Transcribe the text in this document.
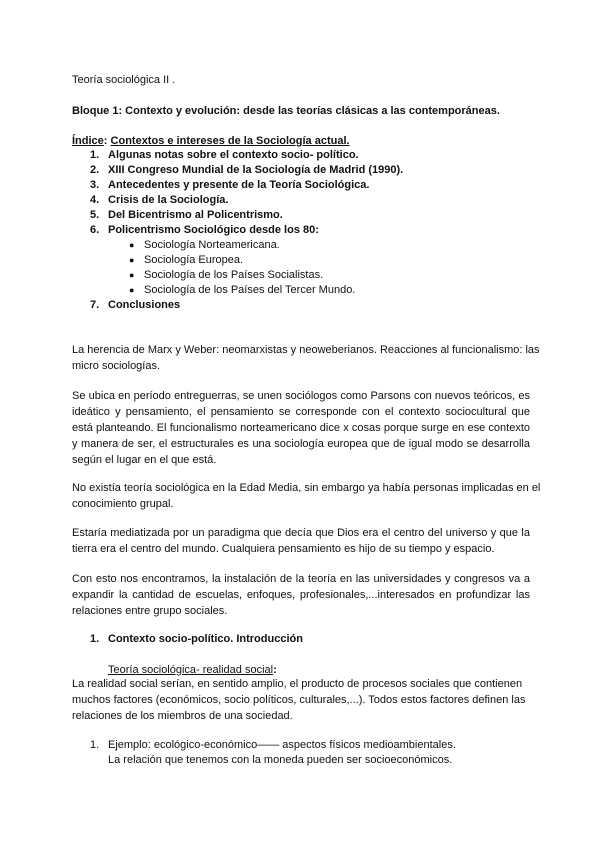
Teoría sociológica II .

Bloque 1: Contexto y evolución: desde las teorías clásicas a las contemporáneas.

Índice: Contextos e intereses de la Sociología actual.

1. Algunas notas sobre el contexto socio- político.
2. XIII Congreso Mundial de la Sociología de Madrid (1990).
3. Antecedentes y presente de la Teoría Sociológica.
4. Crisis de la Sociología.
5. Del Bicentrismo al Policentrismo.
6. Policentrismo Sociológico desde los 80:
● Sociología Norteamericana.
● Sociología Europea.
● Sociología de los Países Socialistas.
● Sociología de los Países del Tercer Mundo.
7. Conclusiones

La herencia de Marx y Weber: neomarxistas y neoweberianos. Reacciones al funcionalismo: las micro sociologías.

Se ubica en período entreguerras, se unen sociólogos como Parsons con nuevos teóricos, es ideático y pensamiento, el pensamiento se corresponde con el contexto sociocultural que está planteando. El funcionalismo norteamericano dice x cosas porque surge en ese contexto y manera de ser, el estructurales es una sociología europea que de igual modo se desarrolla según el lugar en el que está.

No existía teoría sociológica en la Edad Media, sin embargo ya había personas implicadas en el conocimiento grupal.

Estaría mediatizada por un paradigma que decía que Dios era el centro del universo y que la tierra era el centro del mundo. Cualquiera pensamiento es hijo de su tiempo y espacio.

Con esto nos encontramos, la instalación de la teoría en las universidades y congresos va a expandir la cantidad de escuelas, enfoques, profesionales,...interesados en profundizar las relaciones entre grupo sociales.

1. Contexto socio-político. Introducción

Teoría sociológica- realidad social:

La realidad social serían, en sentido amplio, el producto de procesos sociales que contienen muchos factores (económicos, socio políticos, culturales,...). Todos estos factores definen las relaciones de los miembros de una sociedad.

1. Ejemplo: ecológico-económico—— aspectos físicos medioambientales.
La relación que tenemos con la moneda pueden ser socioeconómicos.
